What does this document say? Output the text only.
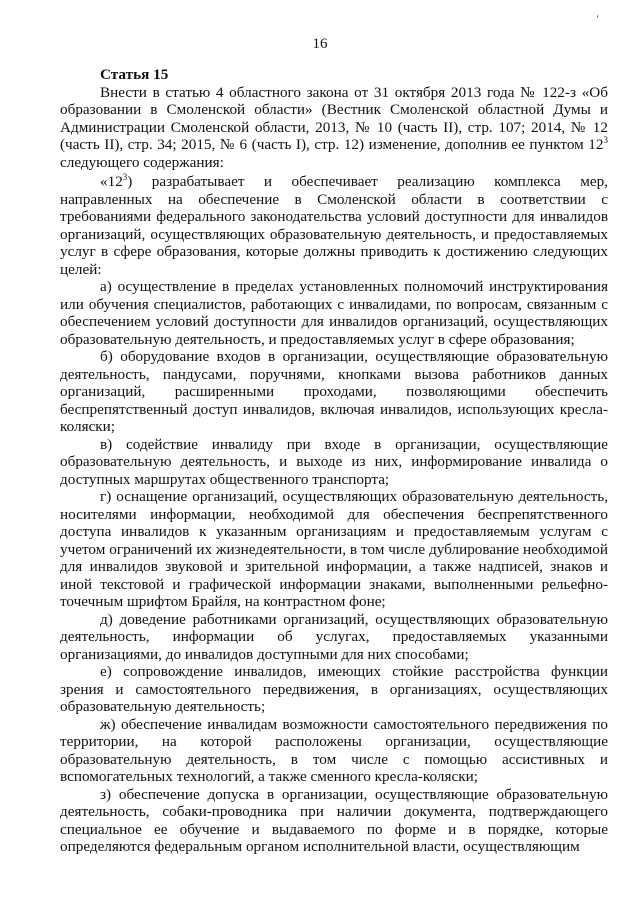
‘
16
Статья 15

Внести в статью 4 областного закона от 31 октября 2013 года № 122-з «Об образовании в Смоленской области» (Вестник Смоленской областной Думы и Администрации Смоленской области, 2013, № 10 (часть II), стр. 107; 2014, № 12 (часть II), стр. 34; 2015, № 6 (часть I), стр. 12) изменение, дополнив ее пунктом $12^3$ следующего содержания:

«$12^3$) разрабатывает и обеспечивает реализацию комплекса мер, направленных на обеспечение в Смоленской области в соответствии с требованиями федерального законодательства условий доступности для инвалидов организаций, осуществляющих образовательную деятельность, и предоставляемых услуг в сфере образования, которые должны приводить к достижению следующих целей:

а) осуществление в пределах установленных полномочий инструктирования или обучения специалистов, работающих с инвалидами, по вопросам, связанным с обеспечением условий доступности для инвалидов организаций, осуществляющих образовательную деятельность, и предоставляемых услуг в сфере образования;

б) оборудование входов в организации, осуществляющие образовательную деятельность, пандусами, поручнями, кнопками вызова работников данных организаций, расширенными проходами, позволяющими обеспечить беспрепятственный доступ инвалидов, включая инвалидов, использующих кресла-коляски;

в) содействие инвалиду при входе в организации, осуществляющие образовательную деятельность, и выходе из них, информирование инвалида о доступных маршрутах общественного транспорта;

г) оснащение организаций, осуществляющих образовательную деятельность, носителями информации, необходимой для обеспечения беспрепятственного доступа инвалидов к указанным организациям и предоставляемым услугам с учетом ограничений их жизнедеятельности, в том числе дублирование необходимой для инвалидов звуковой и зрительной информации, а также надписей, знаков и иной текстовой и графической информации знаками, выполненными рельефно-точечным шрифтом Брайля, на контрастном фоне;

д) доведение работниками организаций, осуществляющих образовательную деятельность, информации об услугах, предоставляемых указанными организациями, до инвалидов доступными для них способами;

е) сопровождение инвалидов, имеющих стойкие расстройства функции зрения и самостоятельного передвижения, в организациях, осуществляющих образовательную деятельность;

ж) обеспечение инвалидам возможности самостоятельного передвижения по территории, на которой расположены организации, осуществляющие образовательную деятельность, в том числе с помощью ассистивных и вспомогательных технологий, а также сменного кресла-коляски;

з) обеспечение допуска в организации, осуществляющие образовательную деятельность, собаки-проводника при наличии документа, подтверждающего специальное ее обучение и выдаваемого по форме и в порядке, которые определяются федеральным органом исполнительной власти, осуществляющим
